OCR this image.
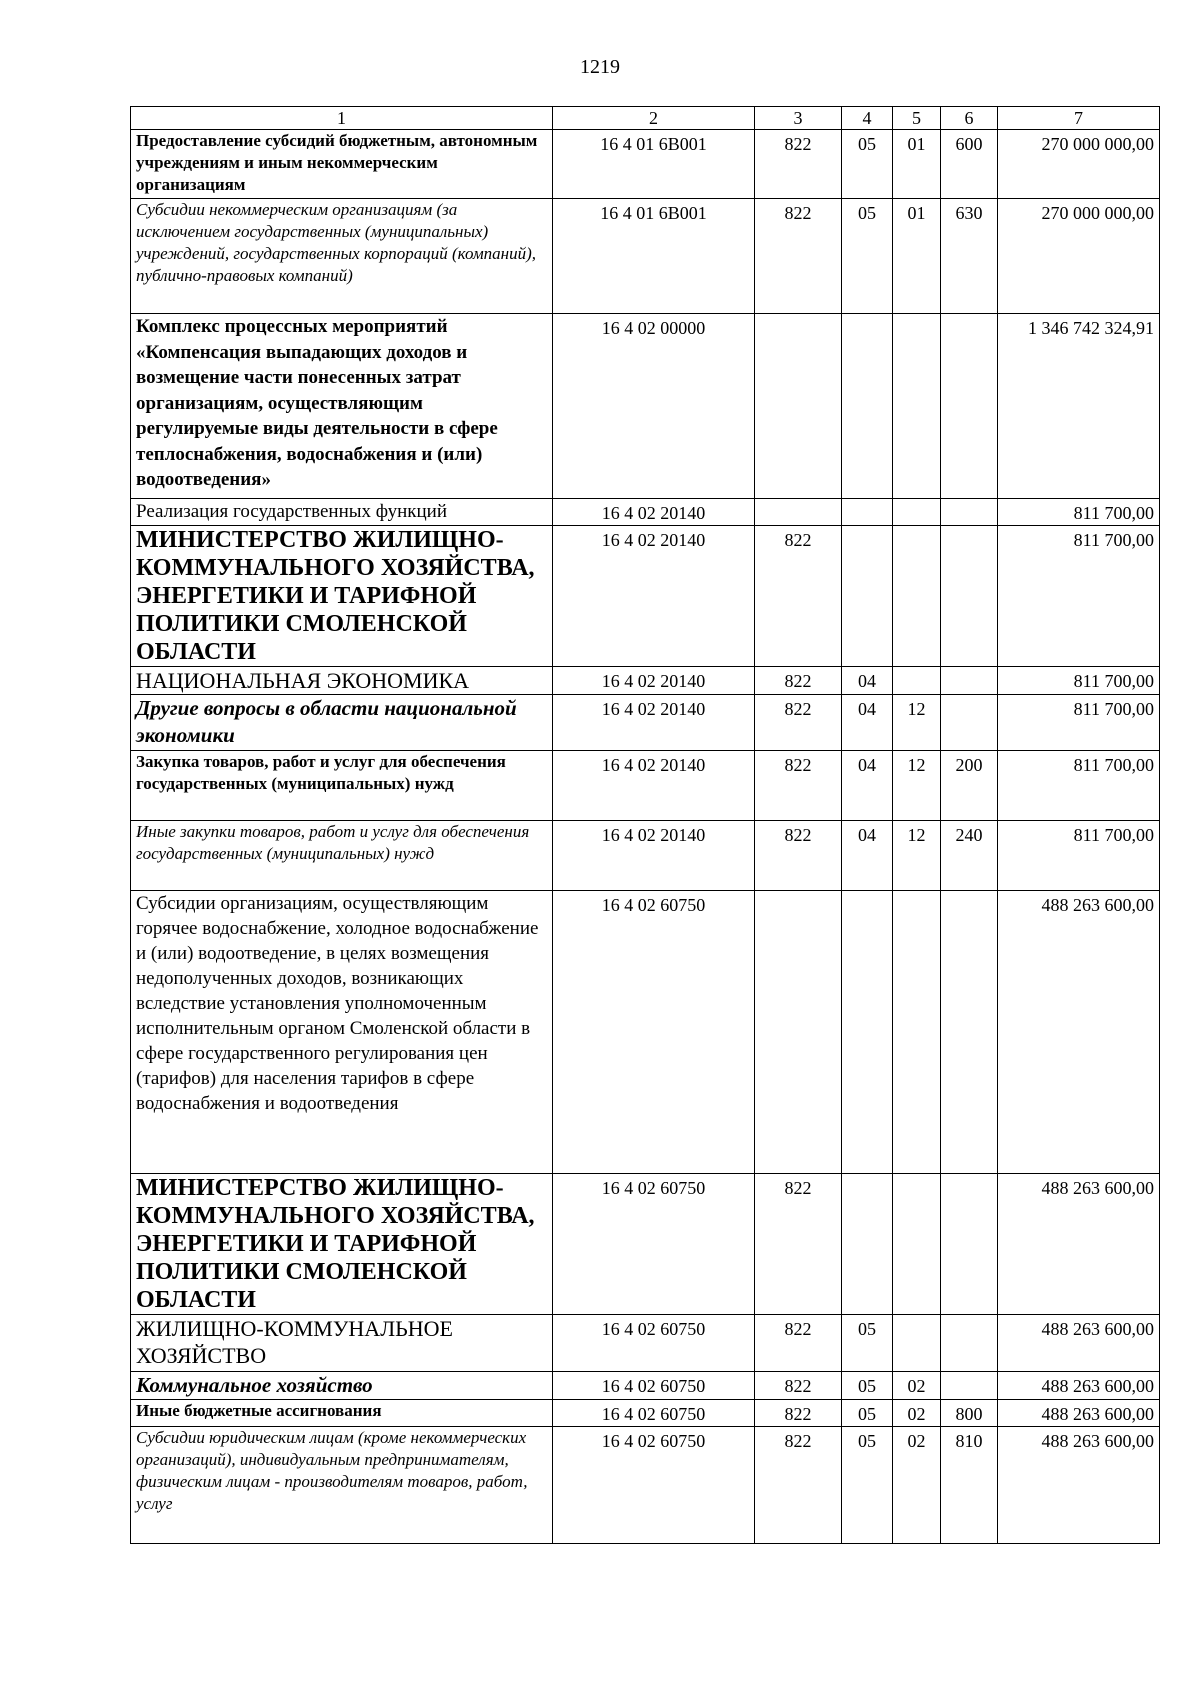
1219
1	2	3	4	5	6	7
Предоставление субсидий бюджетным, автономным учреждениям и иным некоммерческим организациям	16 4 01 6В001	822	05	01	600	270 000 000,00

Субсидии некоммерческим организациям (за исключением государственных (муниципальных) учреждений, государственных корпораций (компаний), публично-правовых компаний)	16 4 01 6В001	822	05	01	630	270 000 000,00

Комплекс процессных мероприятий «Компенсация выпадающих доходов и возмещение части понесенных затрат организациям, осуществляющим регулируемые виды деятельности в сфере теплоснабжения, водоснабжения и (или) водоотведения»	16 4 02 00000					1 346 742 324,91

Реализация государственных функций	16 4 02 20140					811 700,00

МИНИСТЕРСТВО ЖИЛИЩНО-КОММУНАЛЬНОГО ХОЗЯЙСТВА, ЭНЕРГЕТИКИ И ТАРИФНОЙ ПОЛИТИКИ СМОЛЕНСКОЙ ОБЛАСТИ	16 4 02 20140	822				811 700,00

НАЦИОНАЛЬНАЯ ЭКОНОМИКА	16 4 02 20140	822	04			811 700,00

Другие вопросы в области национальной экономики	16 4 02 20140	822	04	12		811 700,00

Закупка товаров, работ и услуг для обеспечения государственных (муниципальных) нужд	16 4 02 20140	822	04	12	200	811 700,00

Иные закупки товаров, работ и услуг для обеспечения государственных (муниципальных) нужд	16 4 02 20140	822	04	12	240	811 700,00

Субсидии организациям, осуществляющим горячее водоснабжение, холодное водоснабжение и (или) водоотведение, в целях возмещения недополученных доходов, возникающих вследствие установления уполномоченным исполнительным органом Смоленской области в сфере государственного регулирования цен (тарифов) для населения тарифов в сфере водоснабжения и водоотведения	16 4 02 60750					488 263 600,00

МИНИСТЕРСТВО ЖИЛИЩНО-КОММУНАЛЬНОГО ХОЗЯЙСТВА, ЭНЕРГЕТИКИ И ТАРИФНОЙ ПОЛИТИКИ СМОЛЕНСКОЙ ОБЛАСТИ	16 4 02 60750	822				488 263 600,00

ЖИЛИЩНО-КОММУНАЛЬНОЕ ХОЗЯЙСТВО	16 4 02 60750	822	05			488 263 600,00

Коммунальное хозяйство	16 4 02 60750	822	05	02		488 263 600,00

Иные бюджетные ассигнования	16 4 02 60750	822	05	02	800	488 263 600,00

Субсидии юридическим лицам (кроме некоммерческих организаций), индивидуальным предпринимателям, физическим лицам - производителям товаров, работ, услуг	16 4 02 60750	822	05	02	810	488 263 600,00
